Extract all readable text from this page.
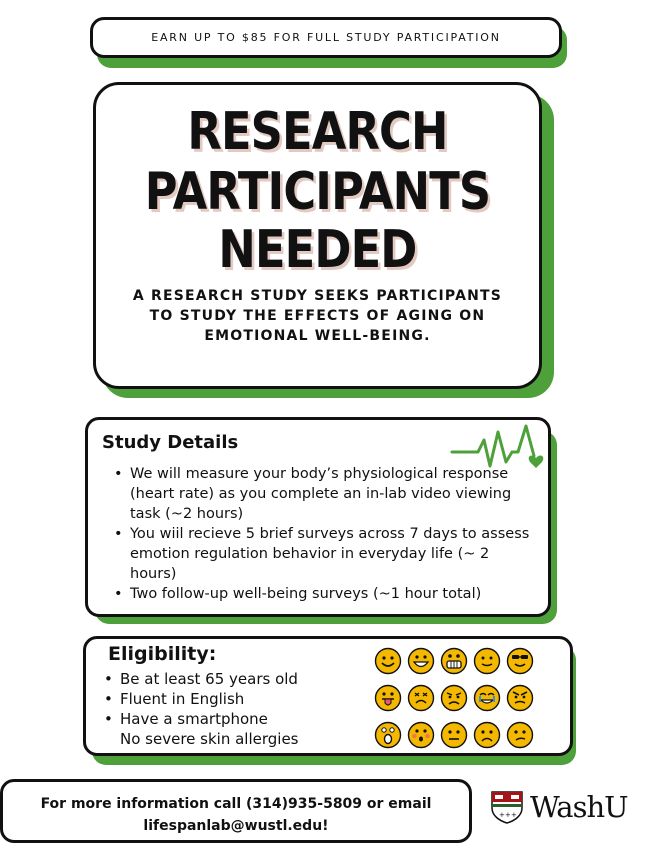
EARN UP TO $85 FOR FULL STUDY PARTICIPATION
RESEARCH
PARTICIPANTS
NEEDED
A RESEARCH STUDY SEEKS PARTICIPANTS TO STUDY THE EFFECTS OF AGING ON EMOTIONAL WELL-BEING.
Study Details
• We will measure your body’s physiological response (heart rate) as you complete an in-lab video viewing task (~2 hours)
• You wiil recieve 5 brief surveys across 7 days to assess emotion regulation behavior in everyday life (~ 2 hours)
• Two follow-up well-being surveys (~1 hour total)
Eligibility:
• Be at least 65 years old
• Fluent in English
• Have a smartphone
No severe skin allergies
For more information call (314)935-5809 or email
lifespanlab@wustl.edu!
+ + + WashU
